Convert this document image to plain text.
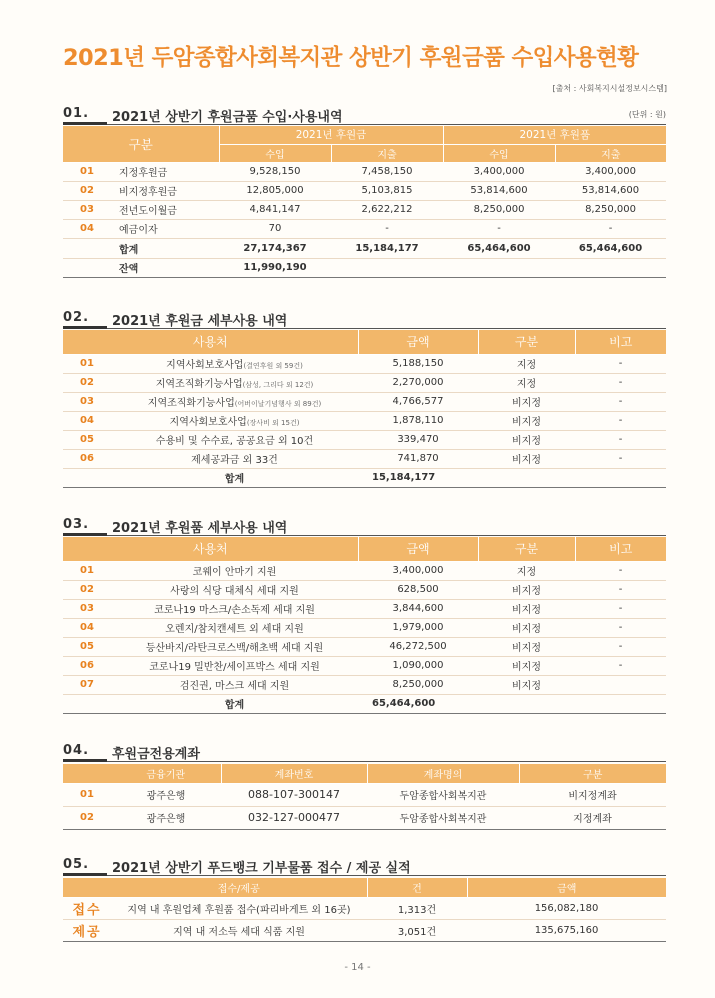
2021년 두암종합사회복지관 상반기 후원금품 수입사용현황
[출처 : 사회복지시설정보시스템]
01. 2021년 상반기 후원금품 수입·사용내역	(단위 : 원)
구분		2021년 후원금		2021년 후원품	
		수입	지출	수입	지출
01	지정후원금	9,528,150	7,458,150	3,400,000	3,400,000
02	비지정후원금	12,805,000	5,103,815	53,814,600	53,814,600
03	전년도이월금	4,841,147	2,622,212	8,250,000	8,250,000
04	예금이자	70	-	-	-
	합계	27,174,367	15,184,177	65,464,600	65,464,600
	잔액	11,990,190			
02. 2021년 후원금 세부사용 내역
사용처		금액	구분	비고
01	지역사회보호사업(결연후원 외 59건)	5,188,150	지정	-
02	지역조직화기능사업(삼성, 그리다 외 12건)	2,270,000	지정	-
03	지역조직화기능사업(어버이날기념행사 외 89건)	4,766,577	비지정	-
04	지역사회보호사업(장사비 외 15건)	1,878,110	비지정	-
05	수용비 및 수수료, 공공요금 외 10건	339,470	비지정	-
06	제세공과금 외 33건	741,870	비지정	-
	합계	15,184,177		
03. 2021년 후원품 세부사용 내역
사용처		금액	구분	비고
01	코웨이 안마기 지원	3,400,000	지정	-
02	사랑의 식당 대체식 세대 지원	628,500	비지정	-
03	코로나19 마스크/손소독제 세대 지원	3,844,600	비지정	-
04	오렌지/참치캔세트 외 세대 지원	1,979,000	비지정	-
05	등산바지/라탄크로스백/해초백 세대 지원	46,272,500	비지정	-
06	코로나19 밀반찬/세이프박스 세대 지원	1,090,000	비지정	-
07	검진권, 마스크 세대 지원	8,250,000	비지정	
	합계	65,464,600		
04. 후원금전용계좌
	금융기관	계좌번호	계좌명의	구분
01	광주은행	088-107-300147	두암종합사회복지관	비지정계좌
02	광주은행	032-127-000477	두암종합사회복지관	지정계좌
05. 2021년 상반기 푸드뱅크 기부물품 접수 / 제공 실적
	접수/제공	건	금액
접수	지역 내 후원업체 후원품 접수(파리바게트 외 16곳)	1,313건	156,082,180
제공	지역 내 저소득 세대 식품 지원	3,051건	135,675,160
- 14 -
